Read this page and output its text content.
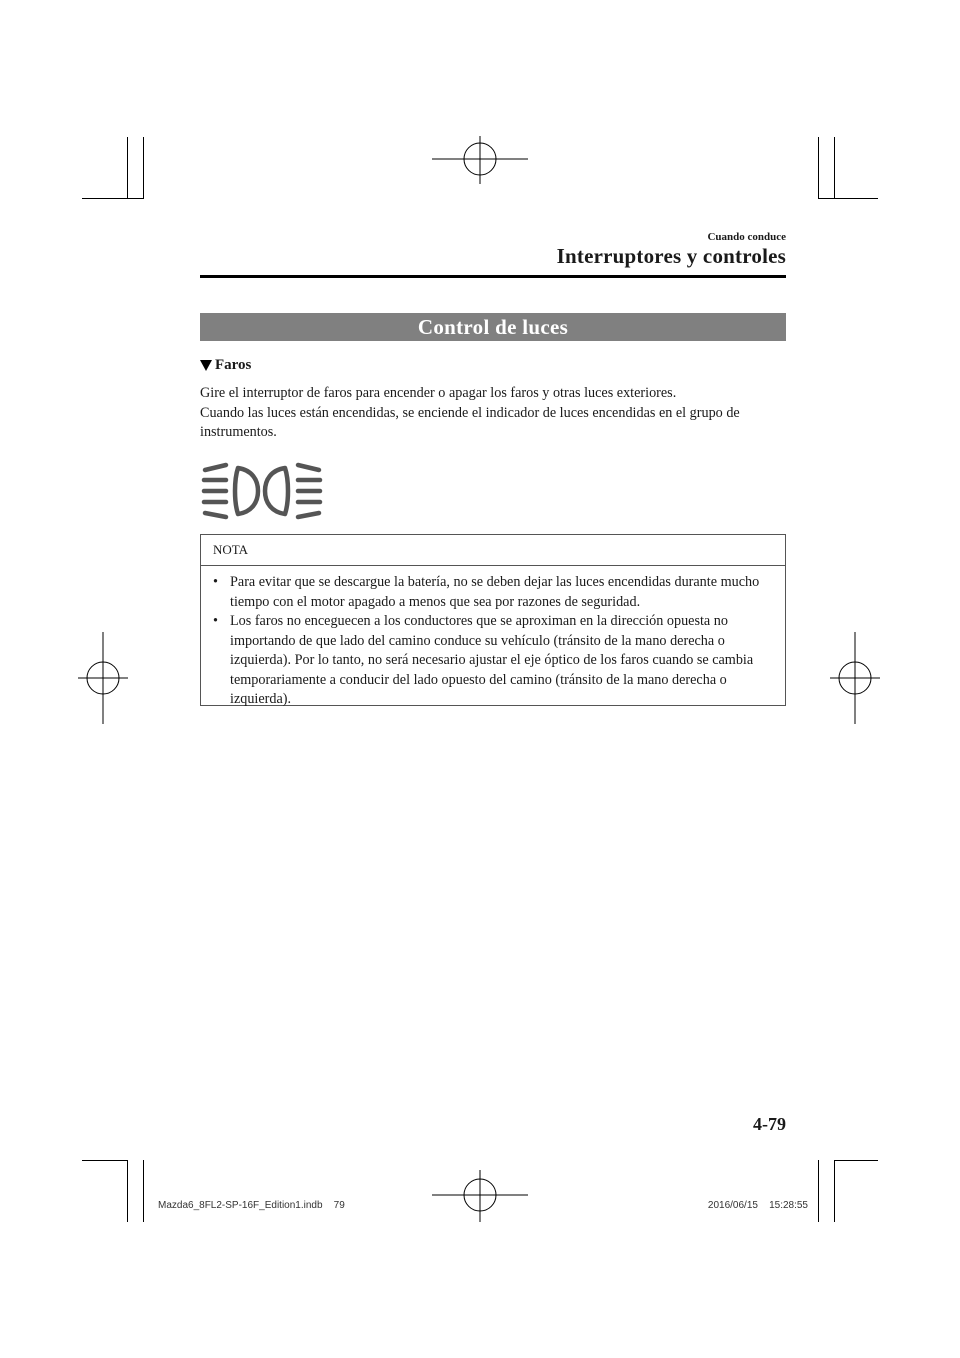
Cuando conduce
Interruptores y controles
Control de luces
Faros

Gire el interruptor de faros para encender o apagar los faros y otras luces exteriores.

Cuando las luces están encendidas, se enciende el indicador de luces encendidas en el grupo de instrumentos.

NOTA
• Para evitar que se descargue la batería, no se deben dejar las luces encendidas durante mucho tiempo con el motor apagado a menos que sea por razones de seguridad.
• Los faros no enceguecen a los conductores que se aproximan en la dirección opuesta no importando de que lado del camino conduce su vehículo (tránsito de la mano derecha o izquierda). Por lo tanto, no será necesario ajustar el eje óptico de los faros cuando se cambia temporariamente a conducir del lado opuesto del camino (tránsito de la mano derecha o izquierda).
4-79
Mazda6_8FL2-SP-16F_Edition1.indb    79	2016/06/15    15:28:55
